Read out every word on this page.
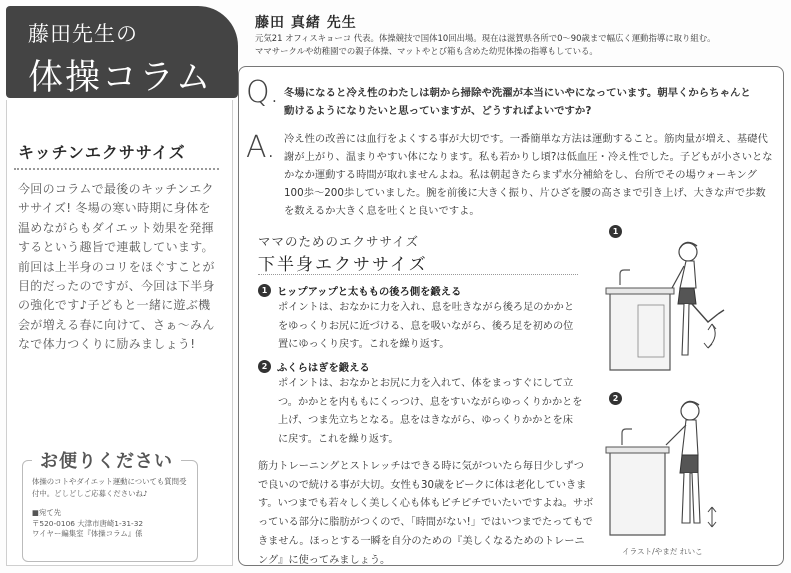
藤田先生の
体操コラム
藤田 真緒 先生
元気21 オフィスキョーコ 代表。体操競技で国体10回出場。現在は滋賀県各所で0〜90歳まで幅広く運動指導に取り組む。
ママサークルや幼稚園での親子体操、マットやとび箱も含めた幼児体操の指導もしている。
キッチンエクササイズ
今回のコラムで最後のキッチンエクササイズ! 冬場の寒い時期に身体を温めながらもダイエット効果を発揮するという趣旨で連載しています。前回は上半身のコリをほぐすことが目的だったのですが、今回は下半身の強化です♪子どもと一緒に遊ぶ機会が増える春に向けて、さぁ〜みんなで体力つくりに励みましょう!
お便りください
体操のコトやダイエット運動についても質問受付中。どしどしご応募くださいね♪
■宛て先
〒520-0106 大津市唐崎1-31-32
ワイヤー編集室『体操コラム』係
Q. 冬場になると冷え性のわたしは朝から掃除や洗濯が本当にいやになっています。朝早くからちゃんと動けるようになりたいと思っていますが、どうすればよいですか?
A. 冷え性の改善には血行をよくする事が大切です。一番簡単な方法は運動すること。筋肉量が増え、基礎代謝が上がり、温まりやすい体になります。私も若かりし頃?は低血圧・冷え性でした。子どもが小さいとなかなか運動する時間が取れませんよね。私は朝起きたらまず水分補給をし、台所でその場ウォーキング100歩〜200歩していました。腕を前後に大きく振り、片ひざを腰の高さまで引き上げ、大きな声で歩数を数えるか大きく息を吐くと良いですよ。
ママのためのエクササイズ
下半身エクササイズ
1 ヒップアップと太ももの後ろ側を鍛える
ポイントは、おなかに力を入れ、息を吐きながら後ろ足のかかとをゆっくりお尻に近づける、息を吸いながら、後ろ足を初めの位置にゆっくり戻す。これを繰り返す。
2 ふくらはぎを鍛える
ポイントは、おなかとお尻に力を入れて、体をまっすぐにして立つ。かかとを内ももにくっつけ、息をすいながらゆっくりかかとを上げ、つま先立ちとなる。息をはきながら、ゆっくりかかとを床に戻す。これを繰り返す。
筋力トレーニングとストレッチはできる時に気がついたら毎日少しずつで良いので続ける事が大切。女性も30歳をピークに体は老化していきます。いつまでも若々しく美しく心も体もピチピチでいたいですよね。サボっている部分に脂肪がつくので、「時間がない!」ではいつまでたってもできません。ほっとする一瞬を自分のための『美しくなるためのトレーニング』に使ってみましょう。
1
2
イラスト/やまだ れいこ
